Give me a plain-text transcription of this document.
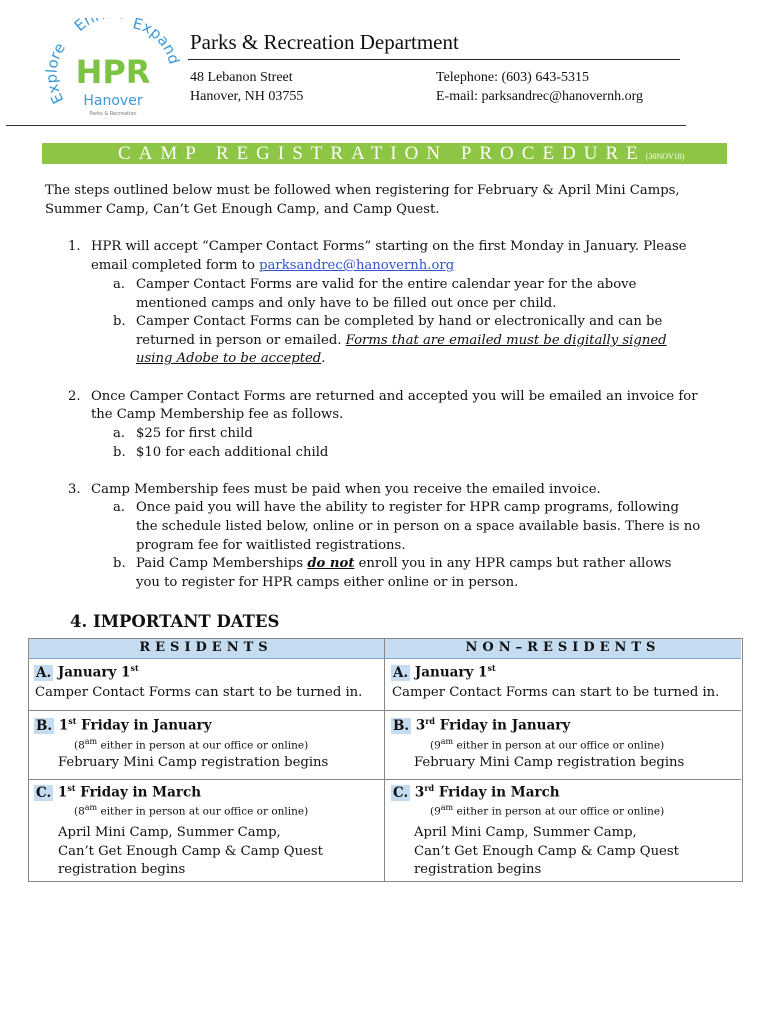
Explore
En	Expan
HPR
Hanover
Parks & Recreation
Parks & Recreation Department
48 Lebanon Street
Hanover, NH 03755
Telephone: (603) 643-5315
E-mail: parksandrec@hanovernh.org
CAMP REGISTRATION PROCEDURE(30NOV18)
The steps outlined below must be followed when registering for February & April Mini Camps,
Summer Camp, Can’t Get Enough Camp, and Camp Quest.
1. HPR will accept “Camper Contact Forms” starting on the first Monday in January. Please
email completed form to parksandrec@hanovernh.org
a. Camper Contact Forms are valid for the entire calendar year for the above
mentioned camps and only have to be filled out once per child.
b. Camper Contact Forms can be completed by hand or electronically and can be
returned in person or emailed. Forms that are emailed must be digitally signed
using Adobe to be accepted.
2. Once Camper Contact Forms are returned and accepted you will be emailed an invoice for
the Camp Membership fee as follows.
a. $25 for first child
b. $10 for each additional child
3. Camp Membership fees must be paid when you receive the emailed invoice.
a. Once paid you will have the ability to register for HPR camp programs, following
the schedule listed below, online or in person on a space available basis. There is no
program fee for waitlisted registrations.
b. Paid Camp Memberships do not enroll you in any HPR camps but rather allows
you to register for HPR camps either online or in person.
4. IMPORTANT DATES
RESIDENTS
A. January 1st
Camper Contact Forms can start to be turned in.
B. 1st Friday in January
($8^{am}$ either in person at our office or online)
February Mini Camp registration begins
C. 1st Friday in March
($8^{am}$ either in person at our office or online)
April Mini Camp, Summer Camp,
Can’t Get Enough Camp & Camp Quest
registration begins
NON–RESIDENTS
A. January 1st
Camper Contact Forms can start to be turned in.
B. 3rd Friday in January
($9^{am}$ either in person at our office or online)
February Mini Camp registration begins
C. 3rd Friday in March
($9^{am}$ either in person at our office or online)
April Mini Camp, Summer Camp,
Can’t Get Enough Camp & Camp Quest
registration begins
